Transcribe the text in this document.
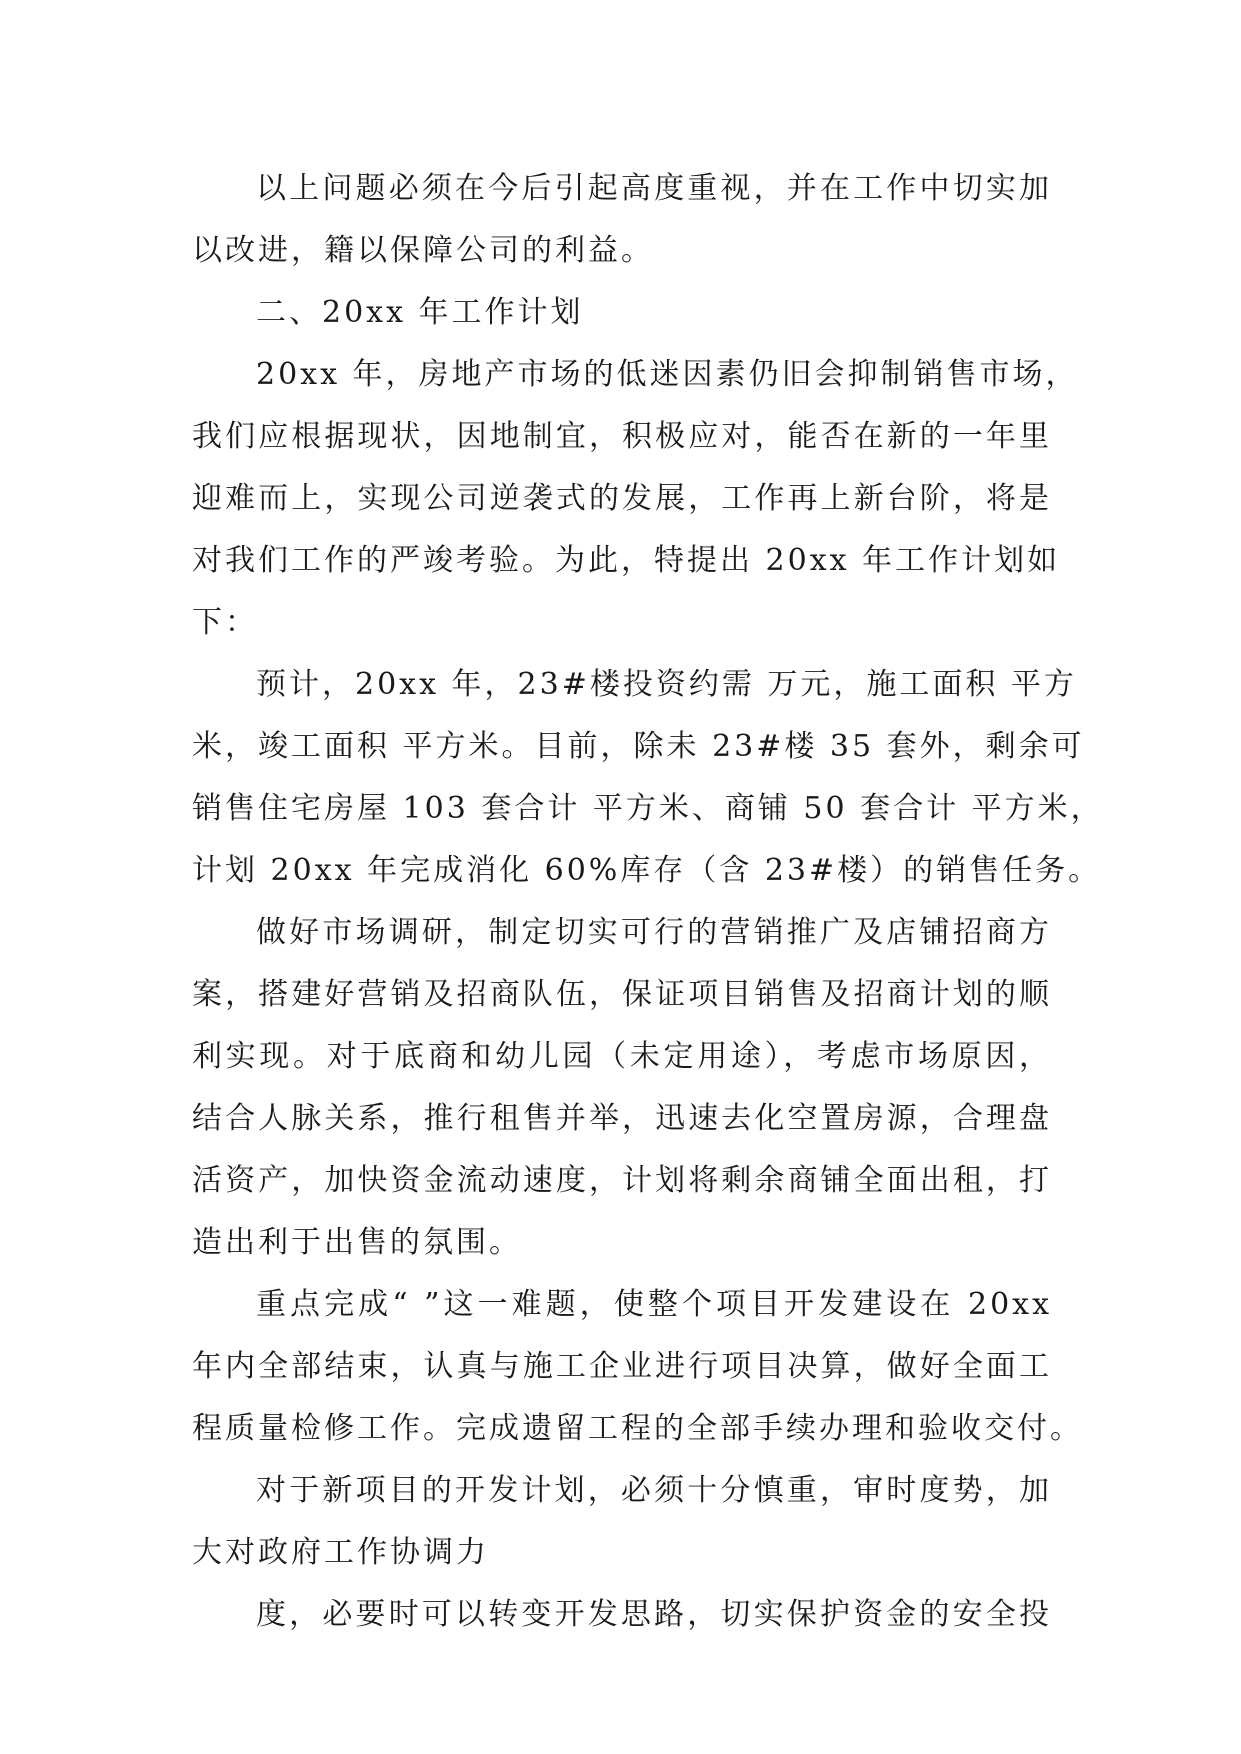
以上问题必须在今后引起高度重视，并在工作中切实加
以改进，籍以保障公司的利益。
二、20xx 年工作计划
20xx 年，房地产市场的低迷因素仍旧会抑制销售市场，
我们应根据现状，因地制宜，积极应对，能否在新的一年里
迎难而上，实现公司逆袭式的发展，工作再上新台阶，将是
对我们工作的严竣考验。为此，特提出 20xx 年工作计划如
下：
预计，20xx 年，23#楼投资约需 万元，施工面积 平方
米，竣工面积 平方米。目前，除未 23#楼 35 套外，剩余可
销售住宅房屋 103 套合计 平方米、商铺 50 套合计 平方米，
计划 20xx 年完成消化 60%库存（含 23#楼）的销售任务。
做好市场调研，制定切实可行的营销推广及店铺招商方
案，搭建好营销及招商队伍，保证项目销售及招商计划的顺
利实现。对于底商和幼儿园（未定用途），考虑市场原因，
结合人脉关系，推行租售并举，迅速去化空置房源，合理盘
活资产，加快资金流动速度，计划将剩余商铺全面出租，打
造出利于出售的氛围。
重点完成“ ”这一难题，使整个项目开发建设在 20xx
年内全部结束，认真与施工企业进行项目决算，做好全面工
程质量检修工作。完成遗留工程的全部手续办理和验收交付。
对于新项目的开发计划，必须十分慎重，审时度势，加
大对政府工作协调力
度，必要时可以转变开发思路，切实保护资金的安全投
